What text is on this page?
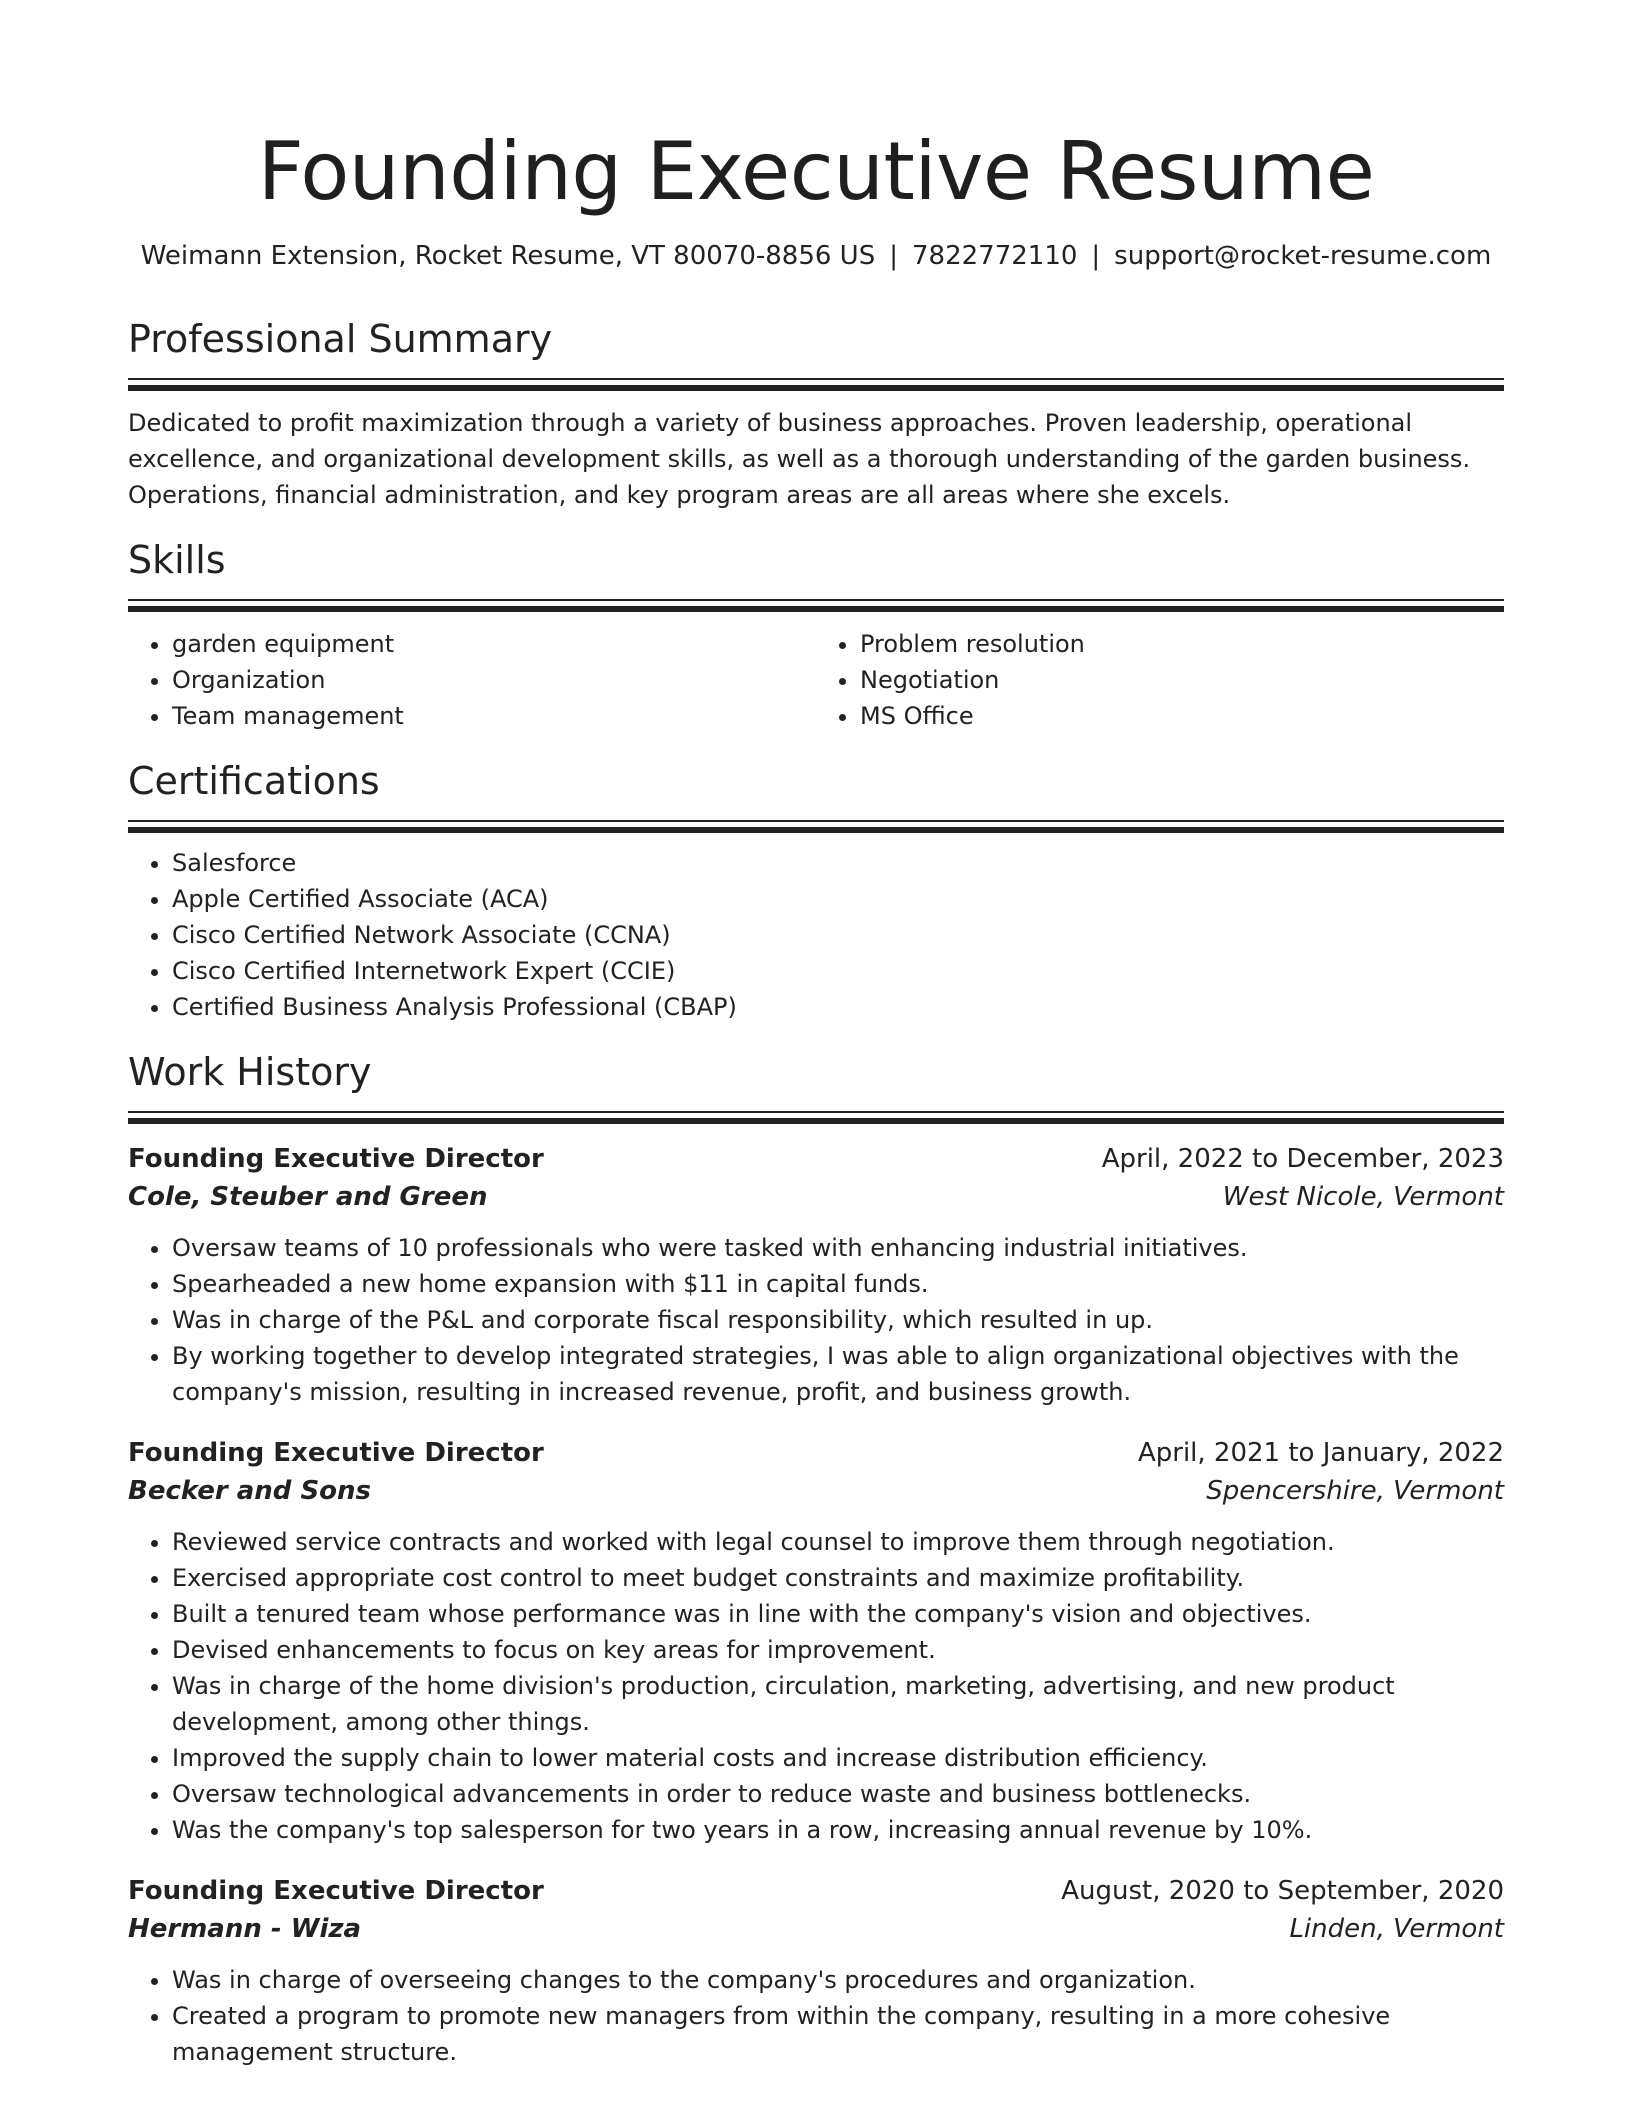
Founding Executive Resume
Weimann Extension, Rocket Resume, VT 80070-8856 US | 7822772110 | support@rocket-resume.com
Professional Summary
Dedicated to profit maximization through a variety of business approaches. Proven leadership, operational excellence, and organizational development skills, as well as a thorough understanding of the garden business. Operations, financial administration, and key program areas are all areas where she excels.
Skills
• garden equipment
• Organization
• Team management
• Problem resolution
• Negotiation
• MS Office
Certifications
• Salesforce
• Apple Certified Associate (ACA)
• Cisco Certified Network Associate (CCNA)
• Cisco Certified Internetwork Expert (CCIE)
• Certified Business Analysis Professional (CBAP)
Work History
Founding Executive Director	April, 2022 to December, 2023
Cole, Steuber and Green	West Nicole, Vermont
• Oversaw teams of 10 professionals who were tasked with enhancing industrial initiatives.
• Spearheaded a new home expansion with $11 in capital funds.
• Was in charge of the P&L and corporate fiscal responsibility, which resulted in up.
• By working together to develop integrated strategies, I was able to align organizational objectives with the company's mission, resulting in increased revenue, profit, and business growth.
Founding Executive Director	April, 2021 to January, 2022
Becker and Sons	Spencershire, Vermont
• Reviewed service contracts and worked with legal counsel to improve them through negotiation.
• Exercised appropriate cost control to meet budget constraints and maximize profitability.
• Built a tenured team whose performance was in line with the company's vision and objectives.
• Devised enhancements to focus on key areas for improvement.
• Was in charge of the home division's production, circulation, marketing, advertising, and new product development, among other things.
• Improved the supply chain to lower material costs and increase distribution efficiency.
• Oversaw technological advancements in order to reduce waste and business bottlenecks.
• Was the company's top salesperson for two years in a row, increasing annual revenue by 10%.
Founding Executive Director	August, 2020 to September, 2020
Hermann - Wiza	Linden, Vermont
• Was in charge of overseeing changes to the company's procedures and organization.
• Created a program to promote new managers from within the company, resulting in a more cohesive management structure.
